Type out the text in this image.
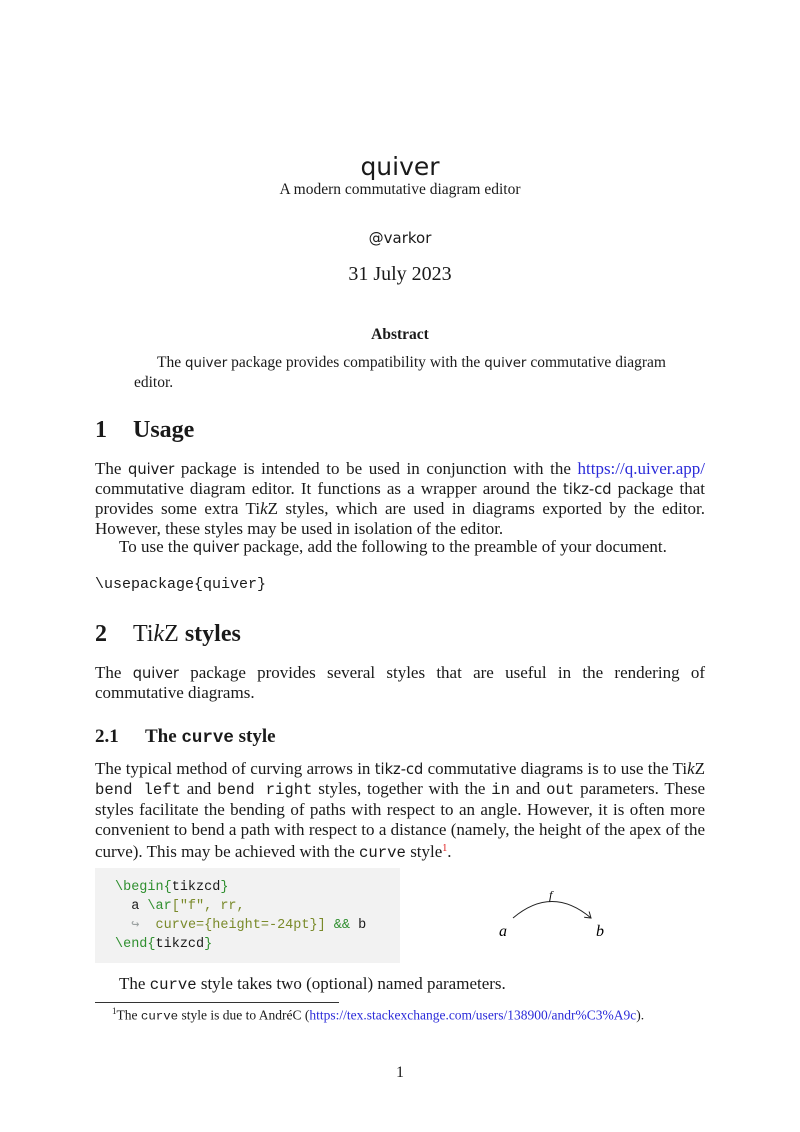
quiver
A modern commutative diagram editor
@varkor
31 July 2023
Abstract
The quiver package provides compatibility with the quiver commutative diagram editor.
1 Usage
The quiver package is intended to be used in conjunction with the https://q.uiver.app/ commutative diagram editor. It functions as a wrapper around the tikz-cd package that provides some extra TikZ styles, which are used in diagrams exported by the editor. However, these styles may be used in isolation of the editor.
To use the quiver package, add the following to the preamble of your document.
\usepackage{quiver}
2 TikZ styles
The quiver package provides several styles that are useful in the rendering of commutative diagrams.
2.1 The curve style
The typical method of curving arrows in tikz-cd commutative diagrams is to use the TikZ bend left and bend right styles, together with the in and out parameters. These styles facilitate the bending of paths with respect to an angle. However, it is often more convenient to bend a path with respect to a distance (namely, the height of the apex of the curve). This may be achieved with the curve style$^1$.
\begin{tikzcd}
a \ar["f", rr,
↪  curve={height=-24pt}] && b
\end{tikzcd}
a	b
f
The curve style takes two (optional) named parameters.
$^1$The curve style is due to AndréC (https://tex.stackexchange.com/users/138900/andr%C3%A9c).
1
